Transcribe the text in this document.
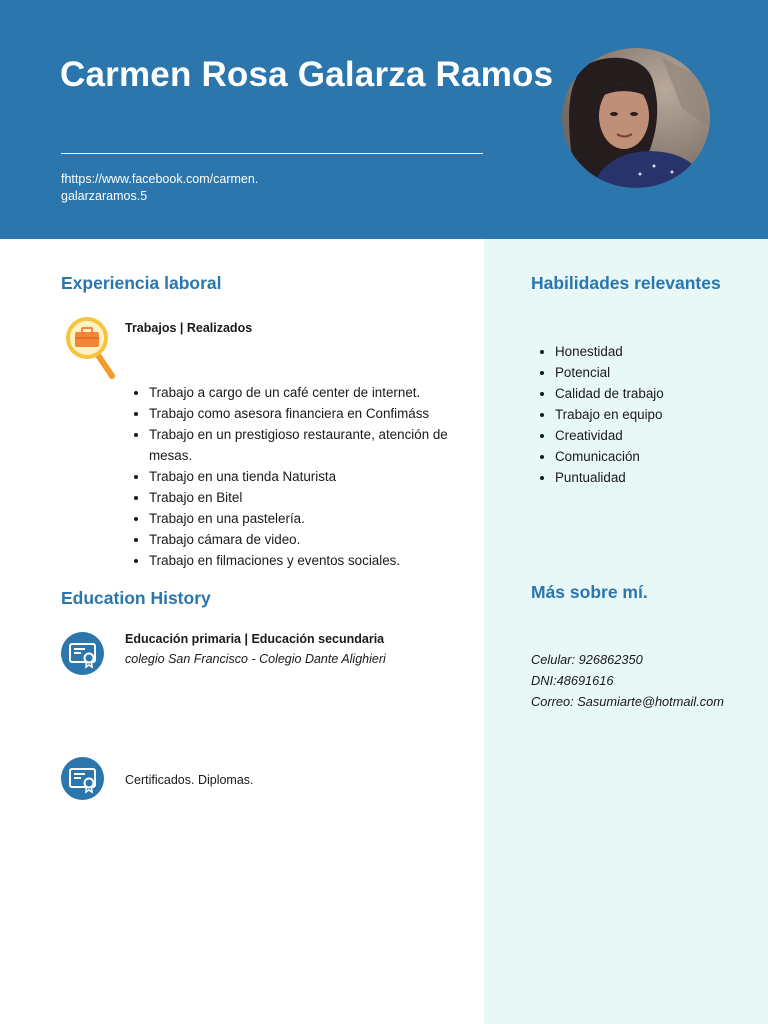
Carmen Rosa Galarza Ramos
fhttps://www.facebook.com/carmen.
galarzaramos.5
Experiencia laboral
Trabajos | Realizados
• Trabajo a cargo de un café center de internet.
• Trabajo como asesora financiera en Confimáss
• Trabajo en un prestigioso restaurante, atención de mesas.
• Trabajo en una tienda Naturista
• Trabajo en Bitel
• Trabajo en una pastelería.
• Trabajo cámara de video.
• Trabajo en filmaciones y eventos sociales.
Education History
Educación primaria | Educación secundaria
colegio San Francisco - Colegio Dante Alighieri
Certificados. Diplomas.
Habilidades relevantes
• Honestidad
• Potencial
• Calidad de trabajo
• Trabajo en equipo
• Creatividad
• Comunicación
• Puntualidad
Más sobre mí.
Celular: 926862350
DNI:48691616
Correo: Sasumiarte@hotmail.com
